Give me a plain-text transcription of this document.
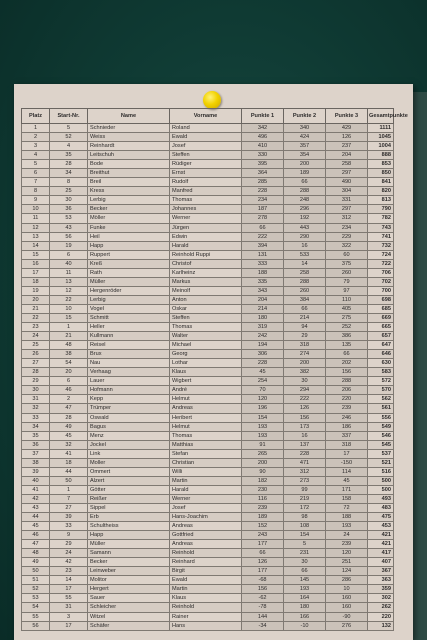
Platz	Start-Nr.	Name	Vorname	Punkte 1	Punkte 2	Punkte 3	Gesamtpunkte
1	5	Schnieder	Roland	342	340	429	1111
2	52	Weiss	Ewald	496	424	126	1045
3	4	Reinhardt	Josef	410	357	237	1004
4	35	Leitschuh	Steffen	330	354	204	888
5	28	Bode	Rüdiger	395	200	258	853
6	34	Breithut	Ernst	364	189	297	850
7	8	Breil	Rudolf	285	66	490	841
8	25	Kress	Manfred	228	288	304	820
9	30	Lerbig	Thomas	234	248	331	813
10	36	Becker	Johannes	187	296	297	790
11	53	Möller	Werner	278	192	312	782
12	43	Funke	Jürgen	66	443	234	743
13	56	Heil	Edwin	222	290	229	741
14	19	Happ	Harald	394	16	322	732
15	6	Ruppert	Reinhold Ruppi	131	533	60	724
16	40	Kreß	Christof	333	14	375	722
17	11	Rath	Karlheinz	188	258	260	706
18	13	Müller	Markus	335	288	79	702
19	12	Hergenröder	Meinolf	343	260	97	700
20	22	Lerbig	Anton	204	384	110	698
21	10	Vogel	Oskar	214	66	405	685
22	15	Schmitt	Steffen	180	214	275	669
23	1	Heller	Thomas	319	94	252	665
24	21	Kullmann	Walter	242	29	386	657
25	48	Reisel	Michael	194	318	135	647
26	38	Brux	Georg	306	274	66	646
27	54	Nau	Lothar	228	200	202	630
28	20	Verhaag	Klaus	45	382	156	583
29	6	Lauer	Wigbert	254	30	288	572
30	46	Hofmann	André	70	294	206	570
31	2	Kepp	Helmut	120	222	220	562
32	47	Trümper	Andreas	196	126	239	561
33	28	Oswald	Heribert	154	156	246	556
34	49	Bagus	Helmut	193	173	186	549
35	45	Menz	Thomas	193	16	337	546
36	32	Jockel	Matthias	91	137	318	545
37	41	Link	Stefan	265	228	17	537
38	18	Moller	Christian	200	471	-150	521
39	44	Ommert	Willi	90	312	114	516
40	50	Alzert	Martin	182	273	45	500
41	1	Götter	Harald	230	99	171	500
42	7	Reißer	Werner	116	219	158	493
43	27	Sippel	Josef	239	172	72	483
44	39	Erb	Hans-Joachim	189	98	188	475
45	33	Schultheiss	Andreas	152	108	193	453
46	9	Happ	Gottfried	243	154	24	421
47	29	Müller	Andreas	177	5	239	421
48	24	Samann	Reinhold	66	231	120	417
49	42	Becker	Reinhard	126	30	251	407
50	23	Leinweber	Birgit	177	66	124	367
51	14	Molitor	Ewald	-68	145	286	363
52	17	Hergert	Martin	156	193	10	359
53	55	Sauer	Klaus	-62	164	160	302
54	31	Schleicher	Reinhold	-78	180	160	262
55	3	Witzel	Rainer	144	166	-90	220
56	17	Schäfer	Hans	-34	-10	276	132
